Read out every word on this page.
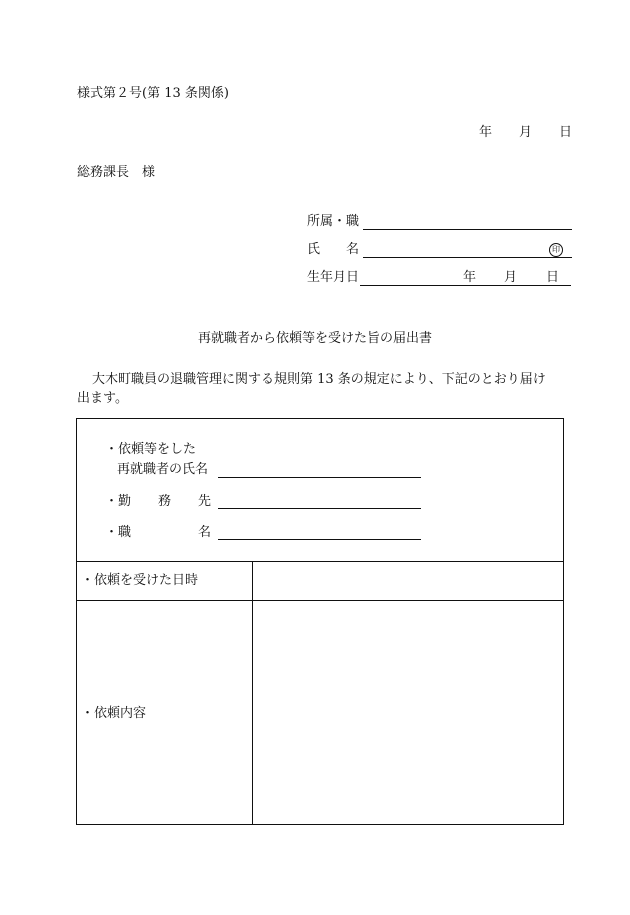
様式第２号(第 13 条関係)
年 月 日
総務課長　様
所属・職
氏 名	印
生年月日	年 月 日
再就職者から依頼等を受けた旨の届出書
大木町職員の退職管理に関する規則第 13 条の規定により、下記のとおり届け
出ます。
・依頼等をした
再就職者の氏名
・勤 務 先
・職	名
・依頼を受けた日時
・依頼内容
